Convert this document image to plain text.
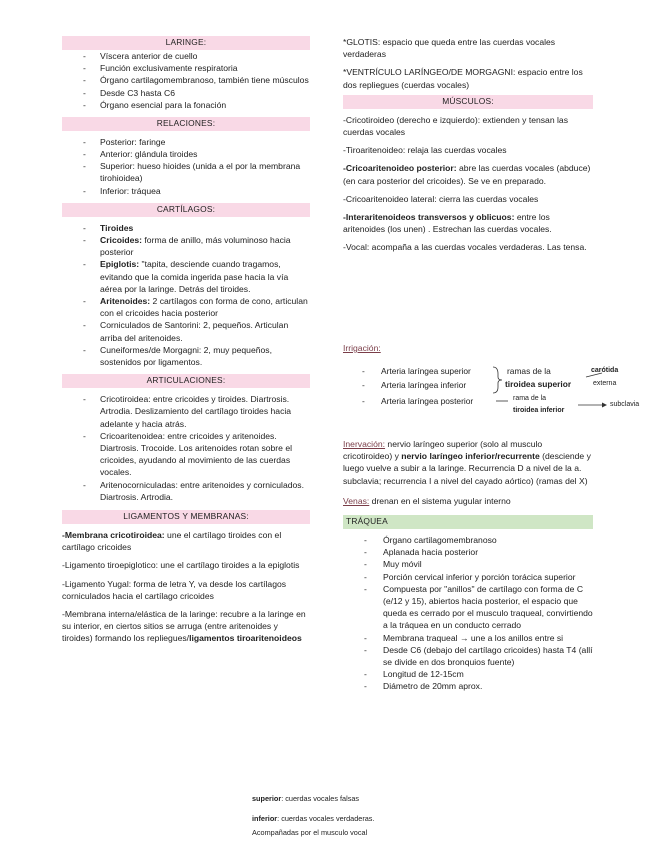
LARINGE:
- Víscera anterior de cuello
- Función exclusivamente respiratoria
- Órgano cartilagomembranoso, también tiene músculos
- Desde C3 hasta C6
- Órgano esencial para la fonación
RELACIONES:
- Posterior: faringe
- Anterior: glándula tiroides
- Superior: hueso hioides (unida a el por la membrana tirohioidea)
- Inferior: tráquea
CARTÍLAGOS:
- Tiroides
- Cricoides: forma de anillo, más voluminoso hacia posterior
- Epiglotis: "tapita, desciende cuando tragamos, evitando que la comida ingerida pase hacia la vía aérea por la laringe. Detrás del tiroides.
- Aritenoides: 2 cartílagos con forma de cono, articulan con el cricoides hacia posterior
- Corniculados de Santorini: 2, pequeños. Articulan arriba del aritenoides.
- Cuneiformes/de Morgagni: 2, muy pequeños, sostenidos por ligamentos.
ARTICULACIONES:
- Cricotiroidea: entre cricoides y tiroides. Diartrosis. Artrodia. Deslizamiento del cartílago tiroides hacia adelante y hacia atrás.
- Cricoaritenoidea: entre cricoides y aritenoides. Diartrosis. Trocoide. Los aritenoides rotan sobre el cricoides, ayudando al movimiento de las cuerdas vocales.
- Aritenocorniculadas: entre aritenoides y corniculados. Diartrosis. Artrodia.
LIGAMENTOS Y MEMBRANAS:

-Membrana cricotiroidea: une el cartílago tiroides con el cartílago cricoides

-Ligamento tiroepiglotico: une el cartílago tiroides a la epiglotis

-Ligamento Yugal: forma de letra Y, va desde los cartílagos corniculados hacia el cartílago cricoides

-Membrana interna/elástica de la laringe: recubre a la laringe en su interior, en ciertos sitios se arruga (entre aritenoides y tiroides) formando los repliegues/ligamentos tiroaritenoideos

superior: cuerdas vocales falsas
inferior: cuerdas vocales verdaderas.
Acompañadas por el musculo vocal

*GLOTIS: espacio que queda entre las cuerdas vocales verdaderas

*VENTRÍCULO LARÍNGEO/DE MORGAGNI: espacio entre los dos repliegues (cuerdas vocales)

MÚSCULOS:

-Cricotiroideo (derecho e izquierdo): extienden y tensan las cuerdas vocales

-Tiroaritenoideo: relaja las cuerdas vocales

-Cricoaritenoideo posterior: abre las cuerdas vocales (abduce) (en cara posterior del cricoides). Se ve en preparado.

-Cricoaritenoideo lateral: cierra las cuerdas vocales

-Interaritenoideos transversos y oblicuos: entre los aritenoides (los unen) . Estrechan las cuerdas vocales.

-Vocal: acompaña a las cuerdas vocales verdaderas. Las tensa.

Irrigación:
- Arteria laríngea superior
- Arteria laríngea inferior
- Arteria laríngea posterior
ramas de la
tiroidea superior
carótida
externa
rama de la
tiroidea inferior
subclavia

Inervación: nervio laríngeo superior (solo al musculo cricotiroideo) y nervio laríngeo inferior/recurrente (desciende y luego vuelve a subir a la laringe. Recurrencia D a nivel de la a. subclavia; recurrencia I a nivel del cayado aórtico) (ramas del X)

Venas: drenan en el sistema yugular interno

TRÁQUEA
- Órgano cartilagomembranoso
- Aplanada hacia posterior
- Muy móvil
- Porción cervical inferior y porción torácica superior
- Compuesta por "anillos" de cartílago con forma de C (e/12 y 15), abiertos hacia posterior, el espacio que queda es cerrado por el musculo traqueal, convirtiendo a la tráquea en un conducto cerrado
- Membrana traqueal → une a los anillos entre si
- Desde C6 (debajo del cartílago cricoides) hasta T4 (allí se divide en dos bronquios fuente)
- Longitud de 12-15cm
- Diámetro de 20mm aprox.
